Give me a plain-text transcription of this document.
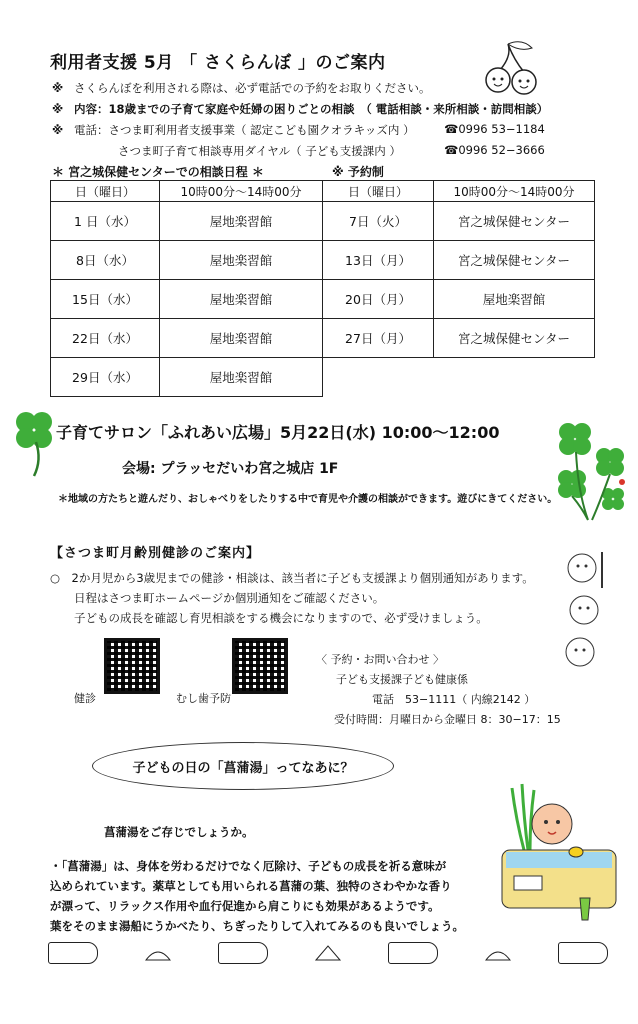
利用者支援 5月 「 さくらんぼ 」のご案内
※ さくらんぼを利用される際は、必ず電話での予約をお取りください。
※ 内容：18歳までの子育て家庭や妊婦の困りごとの相談　（ 電話相談・来所相談・訪問相談）
※ 電話：さつま町利用者支援事業（ 認定こども園クオラキッズ内 ）	☎0996 53−1184
さつま町子育て相談専用ダイヤル（ 子ども支援課内 ）	☎0996 52−3666
＊ 宮之城保健センターでの相談日程 ＊	※ 予約制
日（曜日）	10時00分〜14時00分	日（曜日）	10時00分〜14時00分
1 日（水）	屋地楽習館	7日（火）	宮之城保健センター
8日（水）	屋地楽習館	13日（月）	宮之城保健センター
15日（水）	屋地楽習館	20日（月）	屋地楽習館
22日（水）	屋地楽習館	27日（月）	宮之城保健センター
29日（水）	屋地楽習館		
子育てサロン「ふれあい広場」5月22日(水) 10:00〜12:00
会場: プラッセだいわ宮之城店 1F
＊地域の方たちと遊んだり、おしゃべりをしたりする中で育児や介護の相談ができます。遊びにきてください。
【さつま町月齢別健診のご案内】
○　2か月児から3歳児までの健診・相談は、該当者に子ども支援課より個別通知があります。
日程はさつま町ホームページか個別通知をご確認ください。
子どもの成長を確認し育児相談をする機会になりますので、必ず受けましょう。
健診	むし歯予防
〈 予約・お問い合わせ 〉
子ども支援課子ども健康係
電話　53−1111（ 内線2142 ）
受付時間：月曜日から金曜日 8：30−17：15
子どもの日の「菖蒲湯」ってなあに？
菖蒲湯をご存じでしょうか。
・「菖蒲湯」は、身体を労わるだけでなく厄除け、子どもの成長を祈る意味が
込められています。薬草としても用いられる菖蒲の葉、独特のさわやかな香り
が漂って、リラックス作用や血行促進から肩こりにも効果があるようです。
葉をそのまま湯船にうかべたり、ちぎったりして入れてみるのも良いでしょう。
